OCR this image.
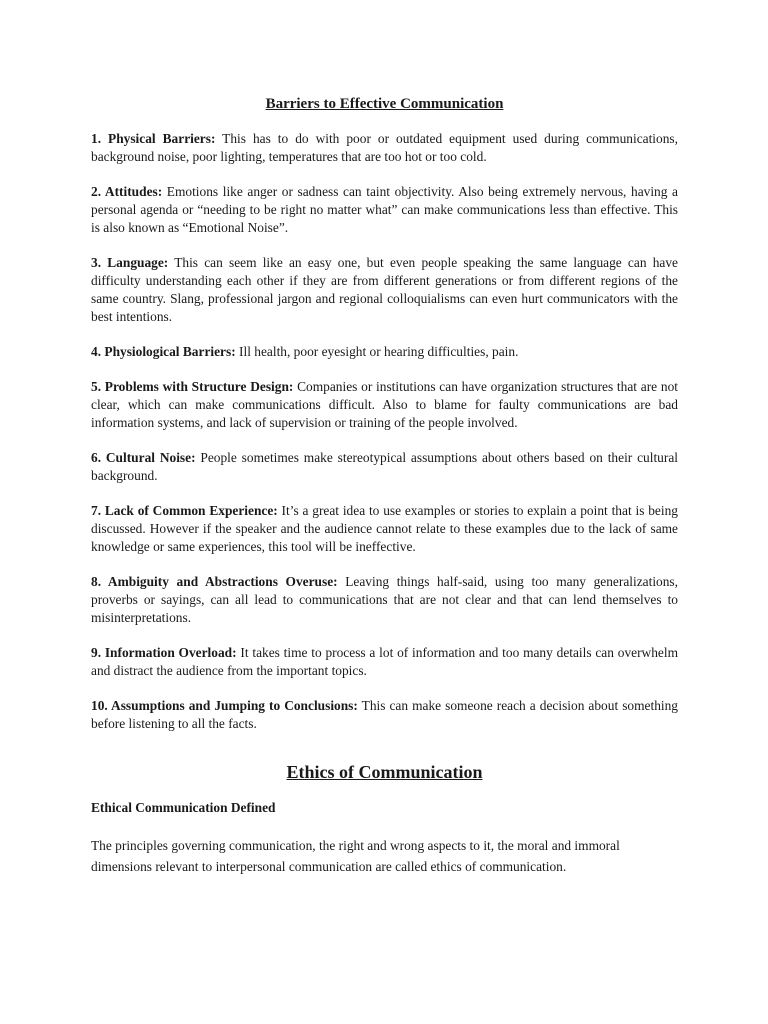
Barriers to Effective Communication

1. Physical Barriers: This has to do with poor or outdated equipment used during communications, background noise, poor lighting, temperatures that are too hot or too cold.

2. Attitudes: Emotions like anger or sadness can taint objectivity. Also being extremely nervous, having a personal agenda or “needing to be right no matter what” can make communications less than effective. This is also known as “Emotional Noise”.

3. Language: This can seem like an easy one, but even people speaking the same language can have difficulty understanding each other if they are from different generations or from different regions of the same country. Slang, professional jargon and regional colloquialisms can even hurt communicators with the best intentions.

4. Physiological Barriers: Ill health, poor eyesight or hearing difficulties, pain.

5. Problems with Structure Design: Companies or institutions can have organization structures that are not clear, which can make communications difficult. Also to blame for faulty communications are bad information systems, and lack of supervision or training of the people involved.

6. Cultural Noise: People sometimes make stereotypical assumptions about others based on their cultural background.

7. Lack of Common Experience: It’s a great idea to use examples or stories to explain a point that is being discussed. However if the speaker and the audience cannot relate to these examples due to the lack of same knowledge or same experiences, this tool will be ineffective.

8. Ambiguity and Abstractions Overuse: Leaving things half-said, using too many generalizations, proverbs or sayings, can all lead to communications that are not clear and that can lend themselves to misinterpretations.

9. Information Overload: It takes time to process a lot of information and too many details can overwhelm and distract the audience from the important topics.

10. Assumptions and Jumping to Conclusions: This can make someone reach a decision about something before listening to all the facts.

Ethics of Communication
Ethical Communication Defined

The principles governing communication, the right and wrong aspects to it, the moral and immoral dimensions relevant to interpersonal communication are called ethics of communication.
